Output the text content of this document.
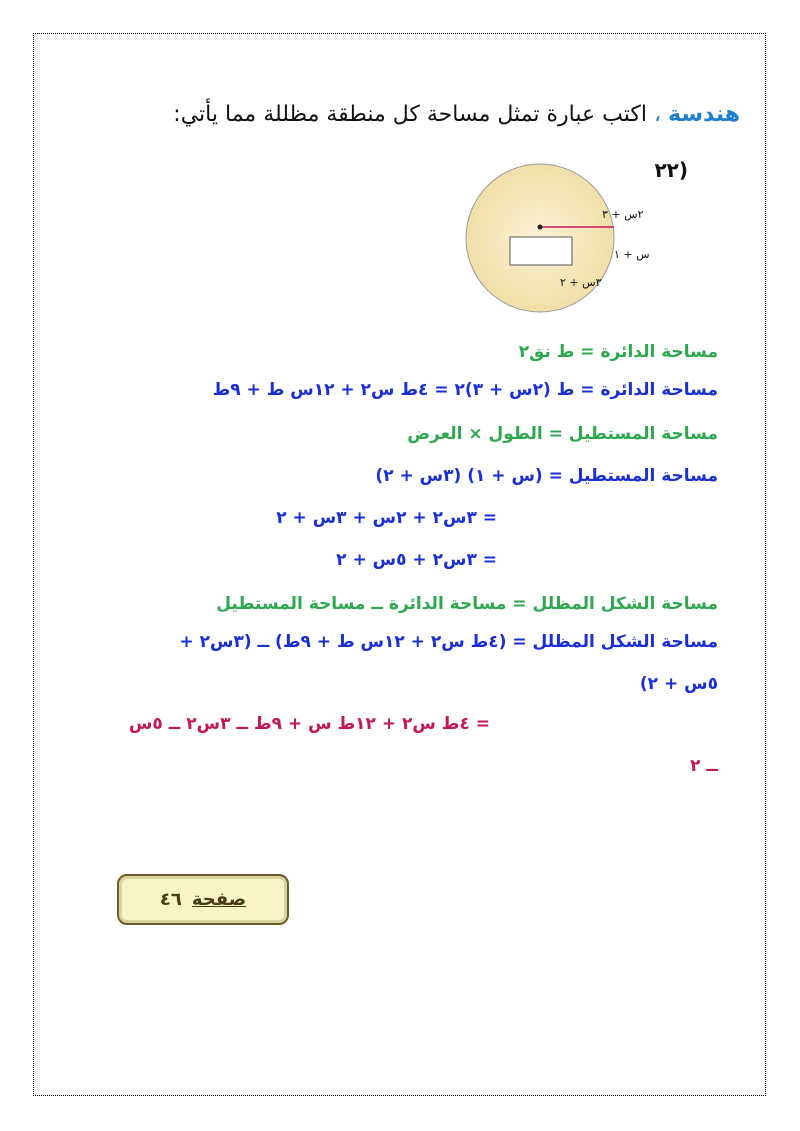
هندسة ، اكتب عبارة تمثل مساحة كل منطقة مظللة مما يأتي:
(٢٢
٢س + ٣
س + ١
٣س + ٢
مساحة الدائرة = ط نق٢
مساحة الدائرة = ط (٢س + ٣)٢ = ٤ط س٢ + ١٢س ط + ٩ط
مساحة المستطيل = الطول × العرض
مساحة المستطيل = (س + ١) (٣س + ٢)
= ٣س٢ + ٢س + ٣س + ٢
= ٣س٢ + ٥س + ٢
مساحة الشكل المظلل = مساحة الدائرة ــ مساحة المستطيل
مساحة الشكل المظلل = (٤ط س٢ + ١٢س ط + ٩ط) ــ (٣س٢ +
٥س + ٢)
= ٤ط س٢ + ١٢ط س + ٩ط ــ ٣س٢ ــ ٥س
ــ ٢
صفحة
٤٦
